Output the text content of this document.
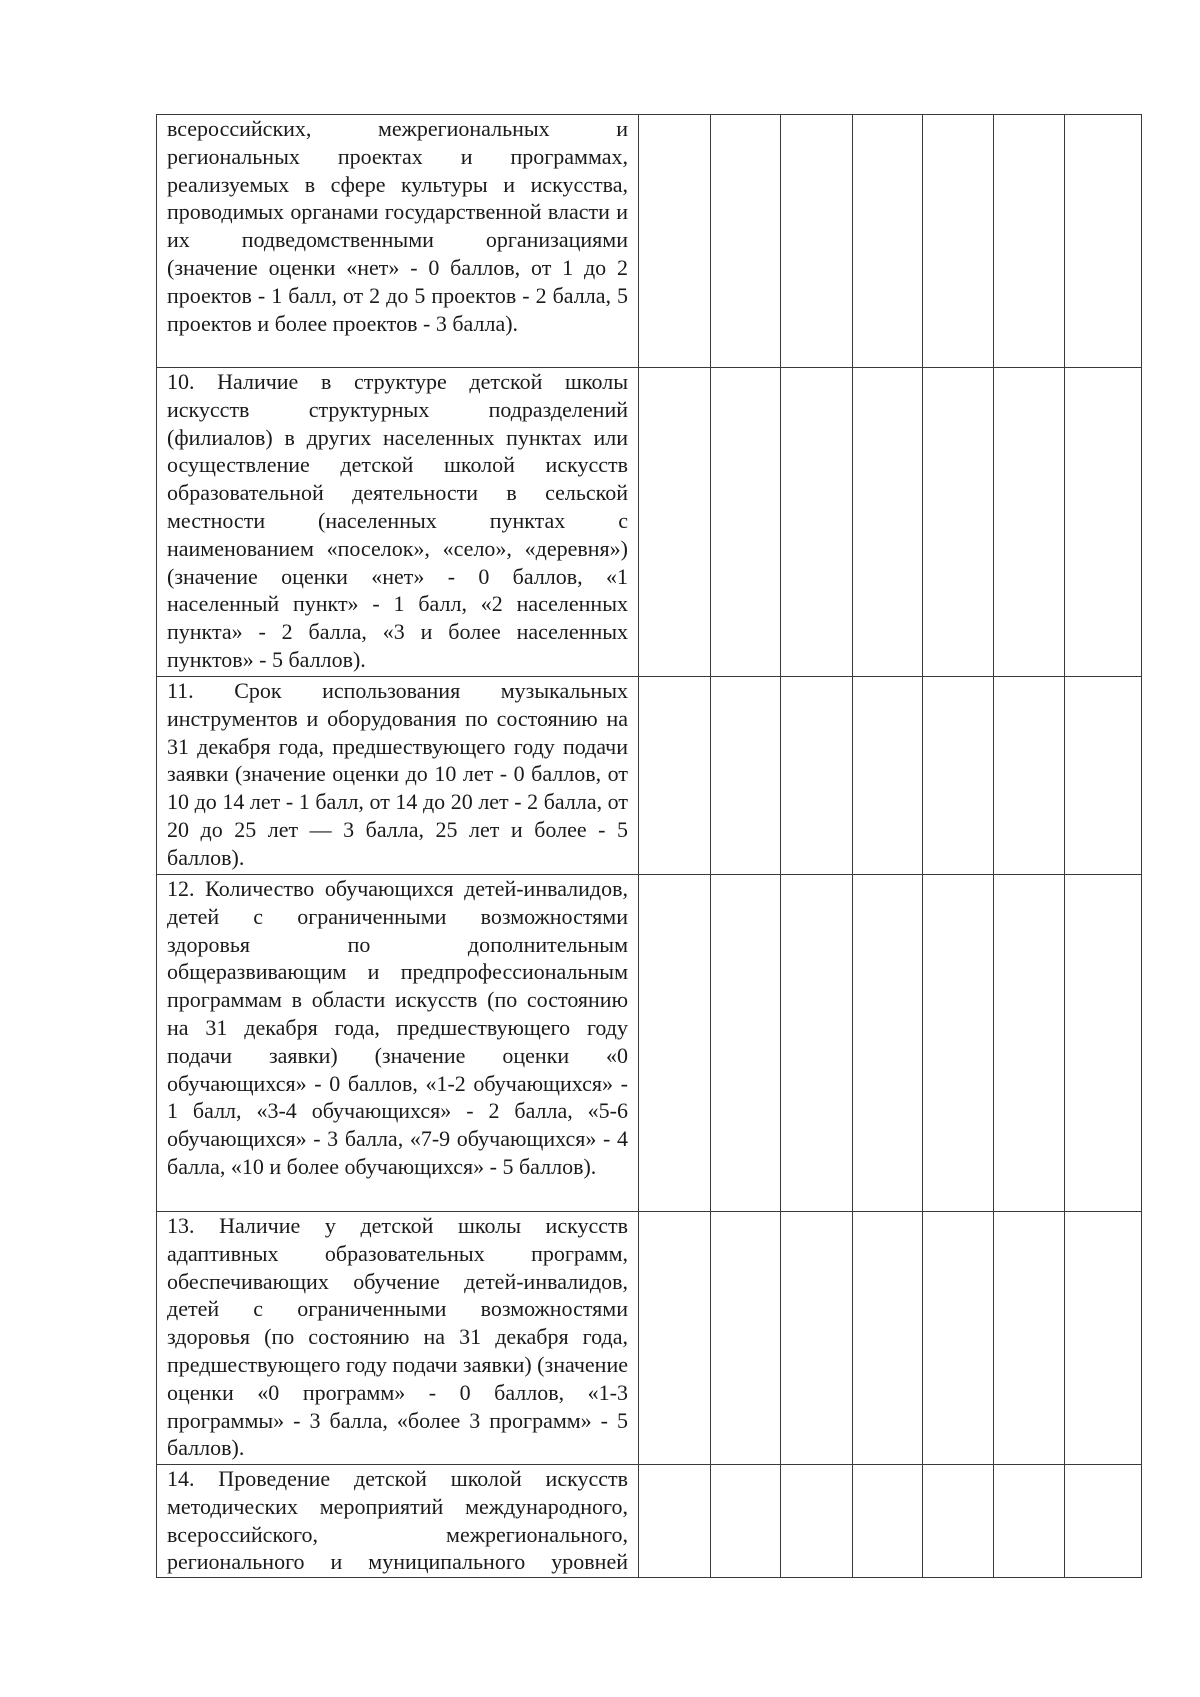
всероссийских, межрегиональных и региональных проектах и программах, реализуемых в сфере культуры и искусства, проводимых органами государственной власти и их подведомственными организациями (значение оценки «нет» - 0 баллов, от 1 до 2 проектов - 1 балл, от 2 до 5 проектов - 2 балла, 5 проектов и более проектов - 3 балла).							

10. Наличие в структуре детской школы искусств структурных подразделений (филиалов) в других населенных пунктах или осуществление детской школой искусств образовательной деятельности в сельской местности (населенных пунктах с наименованием «поселок», «село», «деревня») (значение оценки «нет» - 0 баллов, «1 населенный пункт» - 1 балл, «2 населенных пункта» - 2 балла, «3 и более населенных пунктов» - 5 баллов).							

11. Срок использования музыкальных инструментов и оборудования по состоянию на 31 декабря года, предшествующего году подачи заявки (значение оценки до 10 лет - 0 баллов, от 10 до 14 лет - 1 балл, от 14 до 20 лет - 2 балла, от 20 до 25 лет — 3 балла, 25 лет и более - 5 баллов).							

12. Количество обучающихся детей-инвалидов, детей с ограниченными возможностями здоровья по дополнительным общеразвивающим и предпрофессиональным программам в области искусств (по состоянию на 31 декабря года, предшествующего году подачи заявки) (значение оценки «0 обучающихся» - 0 баллов, «1-2 обучающихся» - 1 балл, «3-4 обучающихся» - 2 балла, «5-6 обучающихся» - 3 балла, «7-9 обучающихся» - 4 балла, «10 и более обучающихся» - 5 баллов).							

13. Наличие у детской школы искусств адаптивных образовательных программ, обеспечивающих обучение детей-инвалидов, детей с ограниченными возможностями здоровья (по состоянию на 31 декабря года, предшествующего году подачи заявки) (значение оценки «0 программ» - 0 баллов, «1-3 программы» - 3 балла, «более 3 программ» - 5 баллов).							

14. Проведение детской школой искусств методических мероприятий международного, всероссийского, межрегионального, регионального и муниципального уровней							
